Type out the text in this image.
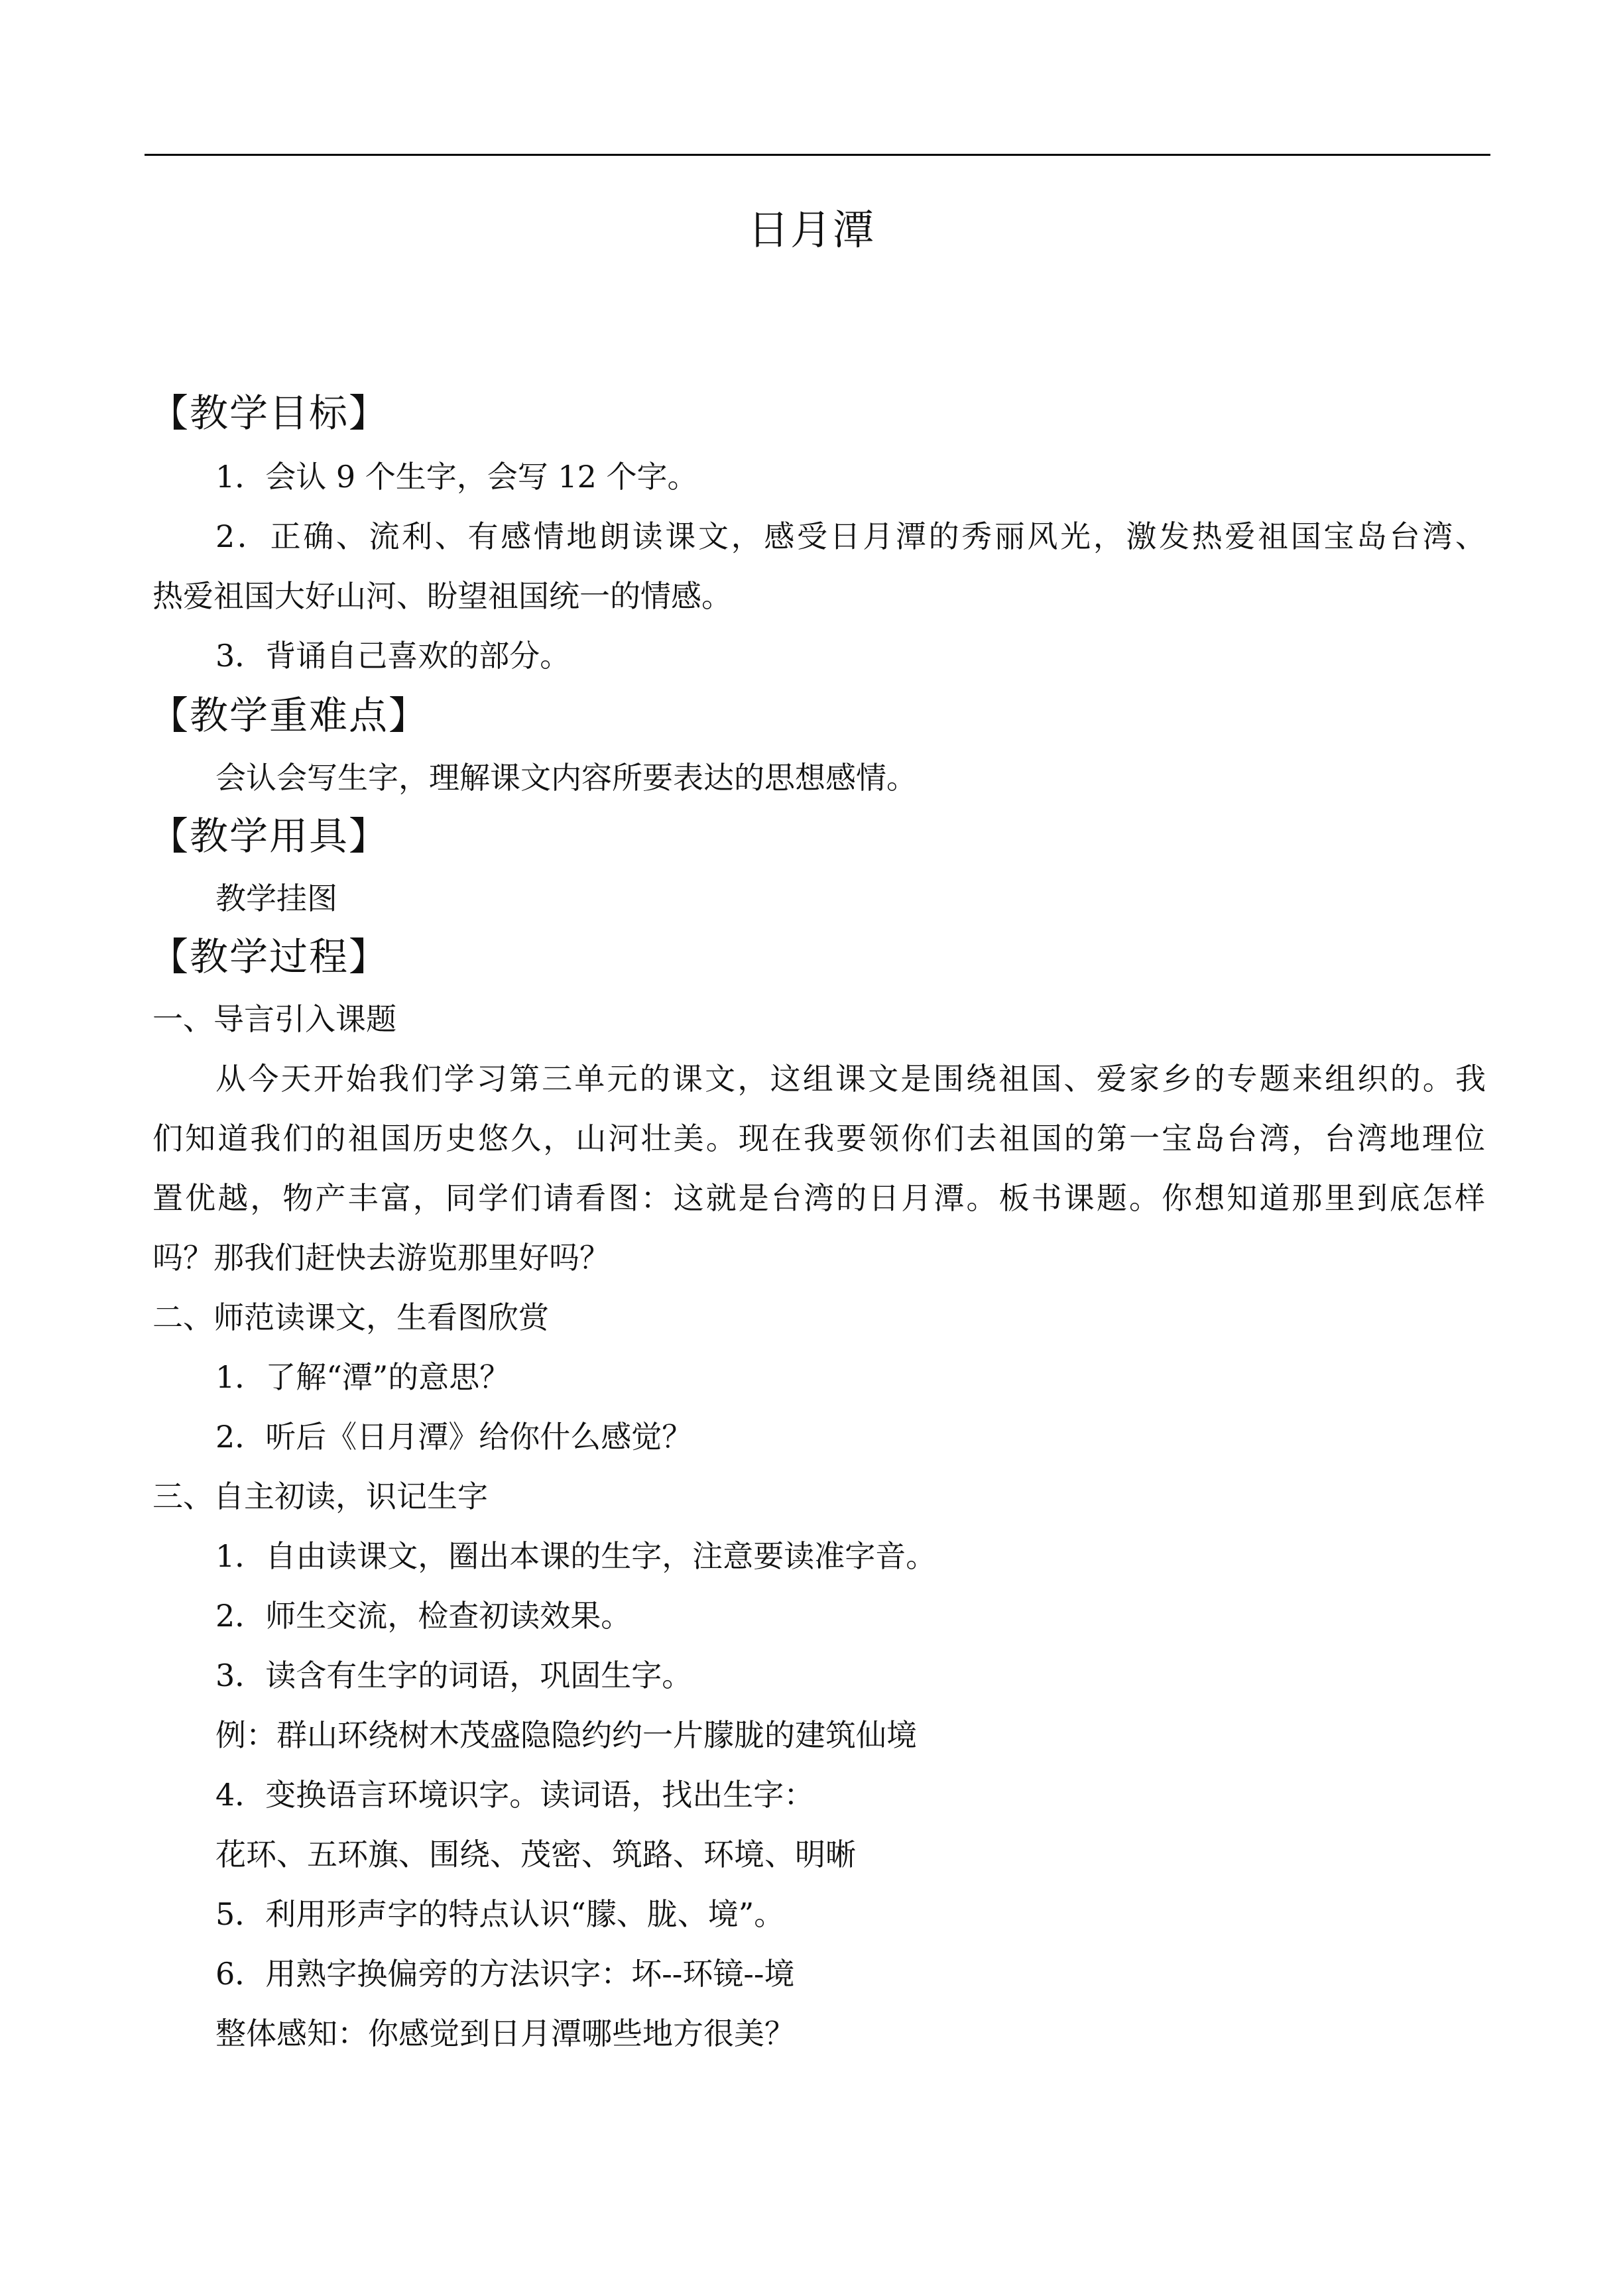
日月潭
【教学目标】
1．会认 9 个生字，会写 12 个字。
2．正确、流利、有感情地朗读课文，感受日月潭的秀丽风光，激发热爱祖国宝岛台湾、
热爱祖国大好山河、盼望祖国统一的情感。
3．背诵自己喜欢的部分。
【教学重难点】
会认会写生字，理解课文内容所要表达的思想感情。
【教学用具】
教学挂图
【教学过程】
一、导言引入课题
从今天开始我们学习第三单元的课文，这组课文是围绕祖国、爱家乡的专题来组织的。我
们知道我们的祖国历史悠久，山河壮美。现在我要领你们去祖国的第一宝岛台湾，台湾地理位
置优越，物产丰富，同学们请看图：这就是台湾的日月潭。板书课题。你想知道那里到底怎样
吗？那我们赶快去游览那里好吗？
二、师范读课文，生看图欣赏
1．了解“潭”的意思？
2．听后《日月潭》给你什么感觉？
三、自主初读，识记生字
1．自由读课文，圈出本课的生字，注意要读准字音。
2．师生交流，检查初读效果。
3．读含有生字的词语，巩固生字。
例：群山环绕树木茂盛隐隐约约一片朦胧的建筑仙境
4．变换语言环境识字。读词语，找出生字：
花环、五环旗、围绕、茂密、筑路、环境、明晰
5．利用形声字的特点认识“朦、胧、境”。
6．用熟字换偏旁的方法识字：坏--环镜--境
整体感知：你感觉到日月潭哪些地方很美？
